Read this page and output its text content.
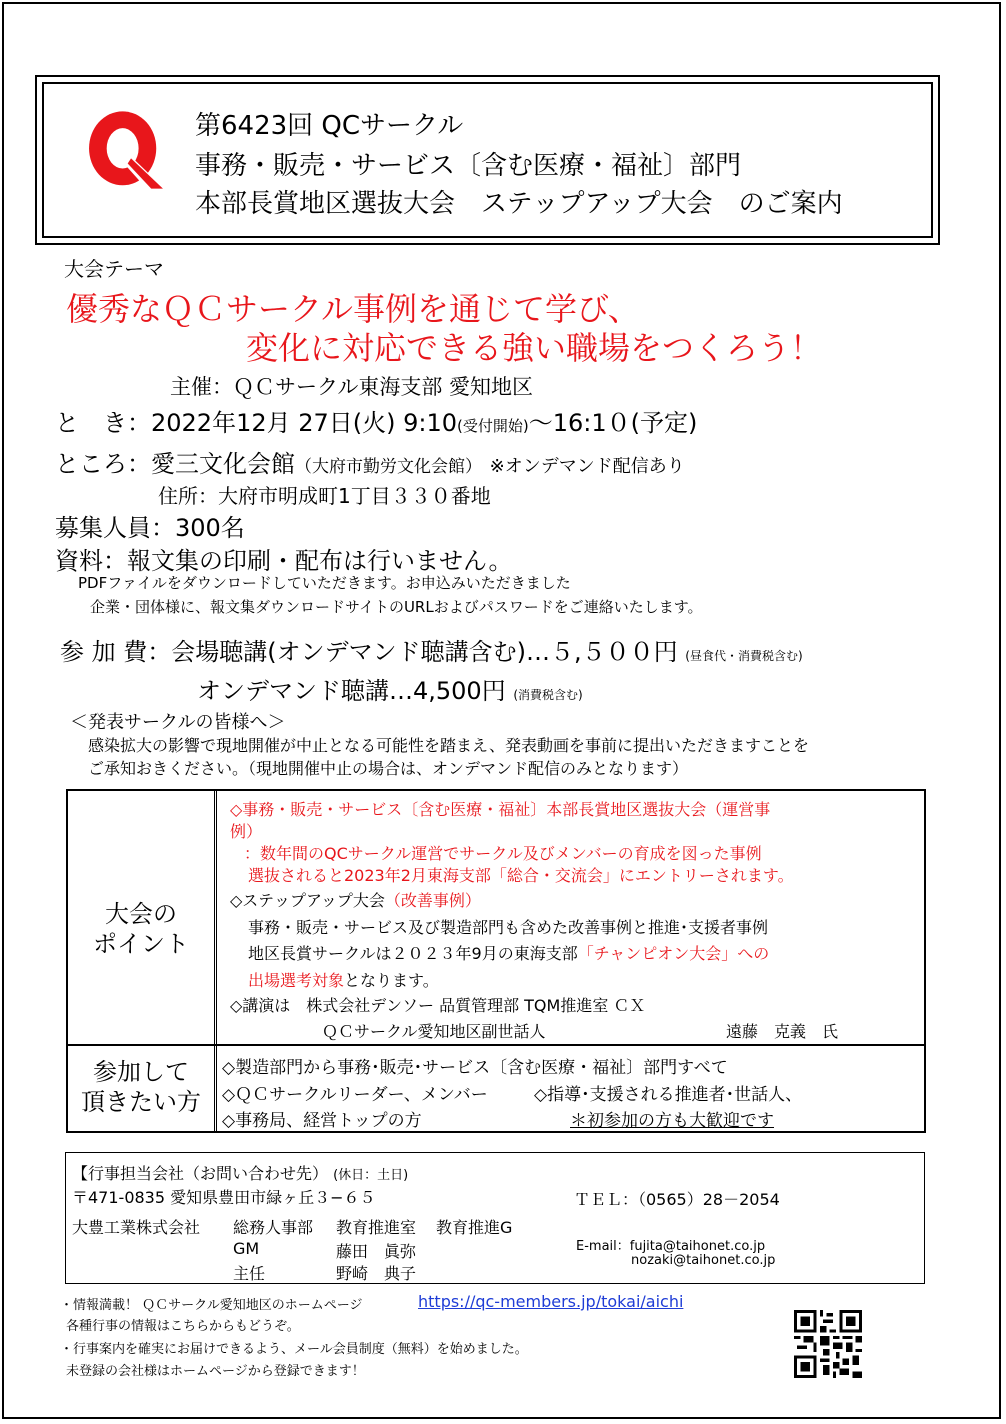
第6423回 QCサークル
事務・販売・サービス〔含む医療・福祉〕部門
本部長賞地区選抜大会　ステップアップ大会　のご案内
大会テーマ
優秀なＱＣサークル事例を通じて学び、
変化に対応できる強い職場をつくろう！
主催：ＱＣサークル東海支部 愛知地区
と　き：2022年12月 27日(火) 9:10(受付開始)～16:1０(予定)
ところ：愛三文化会館（大府市勤労文化会館） ※オンデマンド配信あり
住所：大府市明成町1丁目３３０番地
募集人員：300名
資料：報文集の印刷・配布は行いません。
PDFファイルをダウンロードしていただきます。お申込みいただきました
企業・団体様に、報文集ダウンロードサイトのURLおよびパスワードをご連絡いたします。
参 加 費：会場聴講(オンデマンド聴講含む)…５,５００円 (昼食代・消費税含む)
オンデマンド聴講…4,500円 (消費税含む)
＜発表サークルの皆様へ＞
感染拡大の影響で現地開催が中止となる可能性を踏まえ、発表動画を事前に提出いただきますことを
ご承知おきください。（現地開催中止の場合は、オンデマンド配信のみとなります）
大会の
ポイント
◇事務・販売・サービス〔含む医療・福祉〕本部長賞地区選抜大会（運営事
例）
：数年間のQCサークル運営でサークル及びメンバーの育成を図った事例
選抜されると2023年2月東海支部「総合・交流会」にエントリーされます。
◇ステップアップ大会（改善事例）
事務・販売・サービス及び製造部門も含めた改善事例と推進･支援者事例
地区長賞サークルは２０２３年9月の東海支部「チャンピオン大会」への
出場選考対象となります。
◇講演は　株式会社デンソー 品質管理部 TQM推進室 ＣＸ
ＱＣサークル愛知地区副世話人	遠藤　克義　氏
参加して
頂きたい方
◇製造部門から事務･販売･サービス〔含む医療・福祉〕部門すべて
◇ＱＣサークルリーダー、メンバー	◇指導･支援される推進者･世話人、
◇事務局、経営トップの方	＊初参加の方も大歓迎です
【行事担当会社（お問い合わせ先） (休日：土日)
〒471-0835 愛知県豊田市緑ヶ丘３−６５	ＴＥＬ：（0565）28－2054
大豊工業株式会社 総務人事部 教育推進室 教育推進G
GM	藤田　眞弥
主任	野崎　典子
E-mail：fujita@taihonet.co.jp
nozaki@taihonet.co.jp
・情報満載！ ＱＣサークル愛知地区のホームページ	https://qc-members.jp/tokai/aichi
各種行事の情報はこちらからもどうぞ。
・行事案内を確実にお届けできるよう、メール会員制度（無料）を始めました。
未登録の会社様はホームページから登録できます！
